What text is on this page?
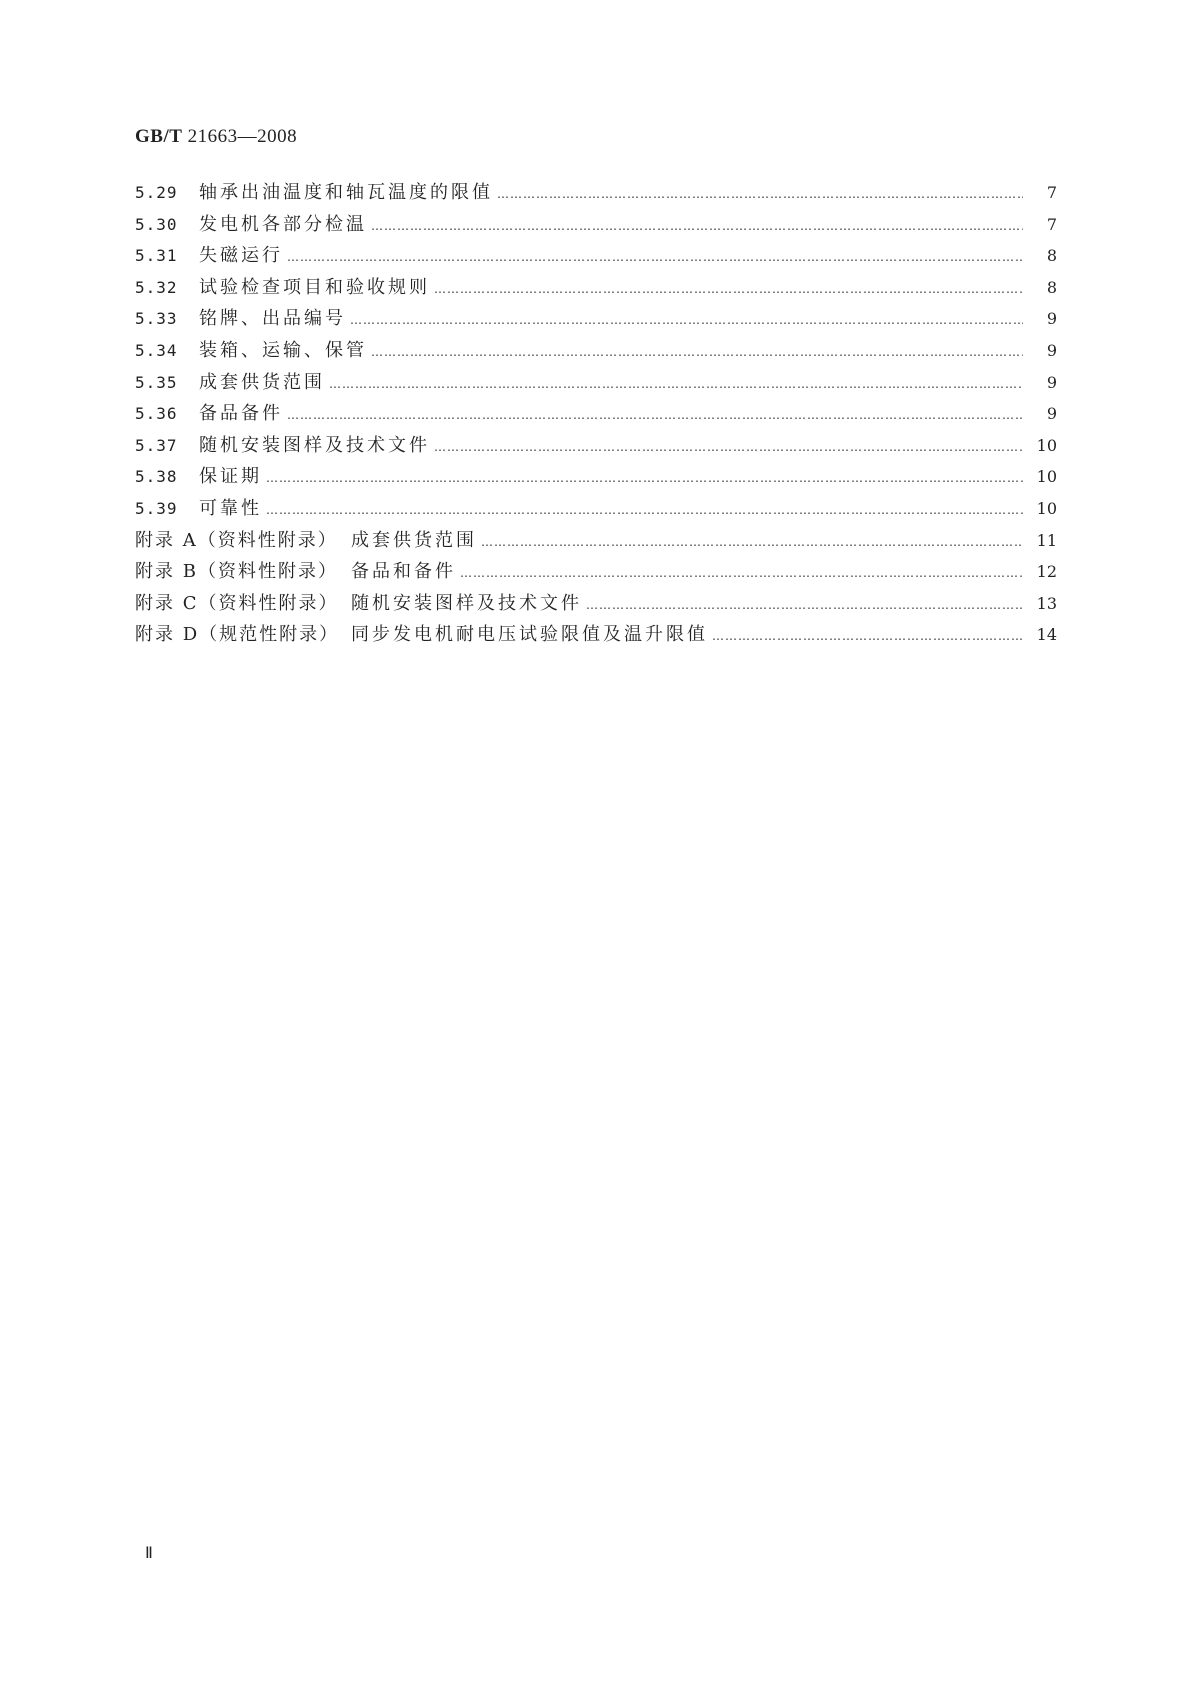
GB/T 21663—2008
5.29	轴承出油温度和轴瓦温度的限值 ……………………………………………………………………………………………………………………………………………………………………………………………………………………	7
5.30	发电机各部分检温 ……………………………………………………………………………………………………………………………………………………………………………………………………………………	7
5.31	失磁运行 ……………………………………………………………………………………………………………………………………………………………………………………………………………………	8
5.32	试验检查项目和验收规则 ……………………………………………………………………………………………………………………………………………………………………………………………………………………	8
5.33	铭牌、出品编号 ……………………………………………………………………………………………………………………………………………………………………………………………………………………	9
5.34	装箱、运输、保管 ……………………………………………………………………………………………………………………………………………………………………………………………………………………	9
5.35	成套供货范围 ……………………………………………………………………………………………………………………………………………………………………………………………………………………	9
5.36	备品备件 ……………………………………………………………………………………………………………………………………………………………………………………………………………………	9
5.37	随机安装图样及技术文件 ……………………………………………………………………………………………………………………………………………………………………………………………………………………	10
5.38	保证期 ……………………………………………………………………………………………………………………………………………………………………………………………………………………	10
5.39	可靠性 ……………………………………………………………………………………………………………………………………………………………………………………………………………………	10
附录 A（资料性附录） 成套供货范围 ……………………………………………………………………………………………………………………………………………………………………………………………………………………	11
附录 B（资料性附录） 备品和备件 ……………………………………………………………………………………………………………………………………………………………………………………………………………………	12
附录 C（资料性附录） 随机安装图样及技术文件 ……………………………………………………………………………………………………………………………………………………………………………………………………………………	13
附录 D（规范性附录） 同步发电机耐电压试验限值及温升限值 ……………………………………………………………………………………………………………………………………………………………………………………………………………………	14
Ⅱ
